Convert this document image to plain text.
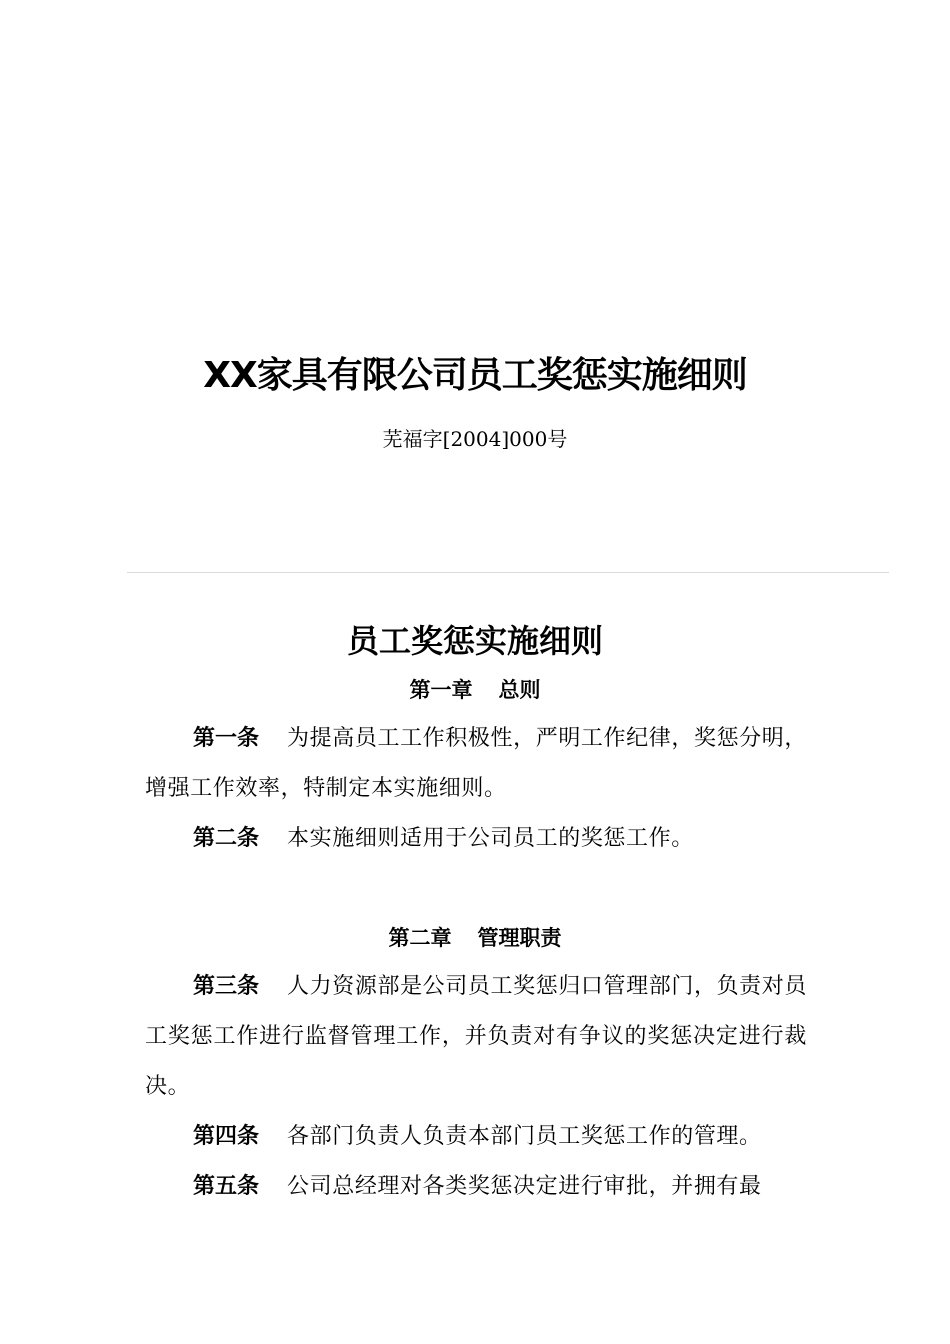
XX家具有限公司员工奖惩实施细则
芜福字[2004]000号
员工奖惩实施细则
第一章 总则
第一条 为提高员工工作积极性，严明工作纪律，奖惩分明，增强工作效率，特制定本实施细则。
第二条 本实施细则适用于公司员工的奖惩工作。
第二章 管理职责
第三条 人力资源部是公司员工奖惩归口管理部门，负责对员工奖惩工作进行监督管理工作，并负责对有争议的奖惩决定进行裁决。
第四条 各部门负责人负责本部门员工奖惩工作的管理。
第五条 公司总经理对各类奖惩决定进行审批，并拥有最
